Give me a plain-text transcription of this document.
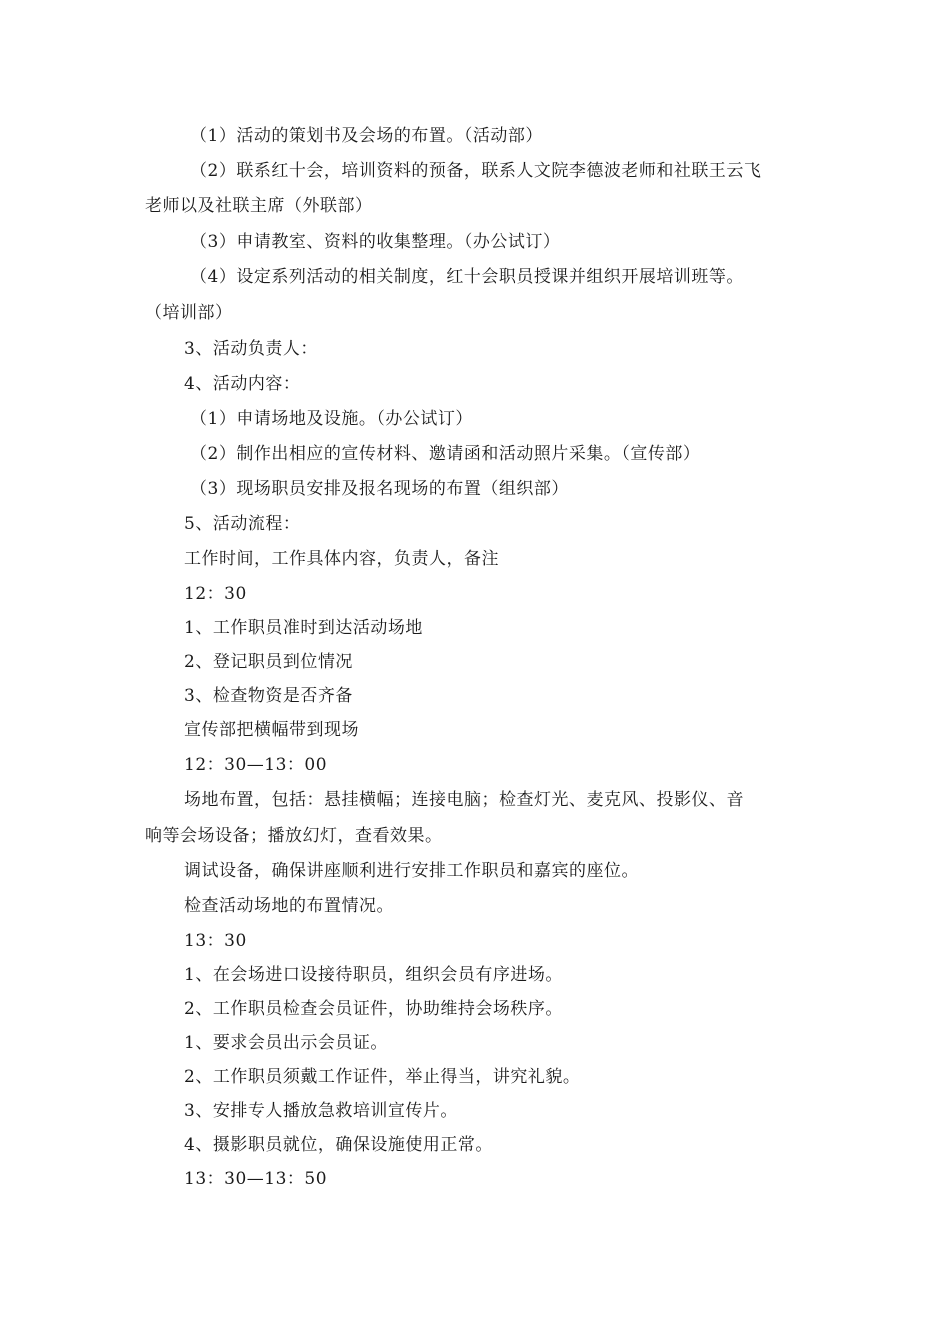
（1）活动的策划书及会场的布置。（活动部）
（2）联系红十会，培训资料的预备，联系人文院李德波老师和社联王云飞
老师以及社联主席（外联部）
（3）申请教室、资料的收集整理。（办公试订）
（4）设定系列活动的相关制度，红十会职员授课并组织开展培训班等。
（培训部）
3、活动负责人：
4、活动内容：
（1）申请场地及设施。（办公试订）
（2）制作出相应的宣传材料、邀请函和活动照片采集。（宣传部）
（3）现场职员安排及报名现场的布置（组织部）
5、活动流程：
工作时间，工作具体内容，负责人，备注
12：30
1、工作职员准时到达活动场地
2、登记职员到位情况
3、检查物资是否齐备
宣传部把横幅带到现场
12：30—13：00
场地布置，包括：悬挂横幅；连接电脑；检查灯光、麦克风、投影仪、音
响等会场设备；播放幻灯，查看效果。
调试设备，确保讲座顺利进行安排工作职员和嘉宾的座位。
检查活动场地的布置情况。
13：30
1、在会场进口设接待职员，组织会员有序进场。
2、工作职员检查会员证件，协助维持会场秩序。
1、要求会员出示会员证。
2、工作职员须戴工作证件，举止得当，讲究礼貌。
3、安排专人播放急救培训宣传片。
4、摄影职员就位，确保设施使用正常。
13：30—13：50
